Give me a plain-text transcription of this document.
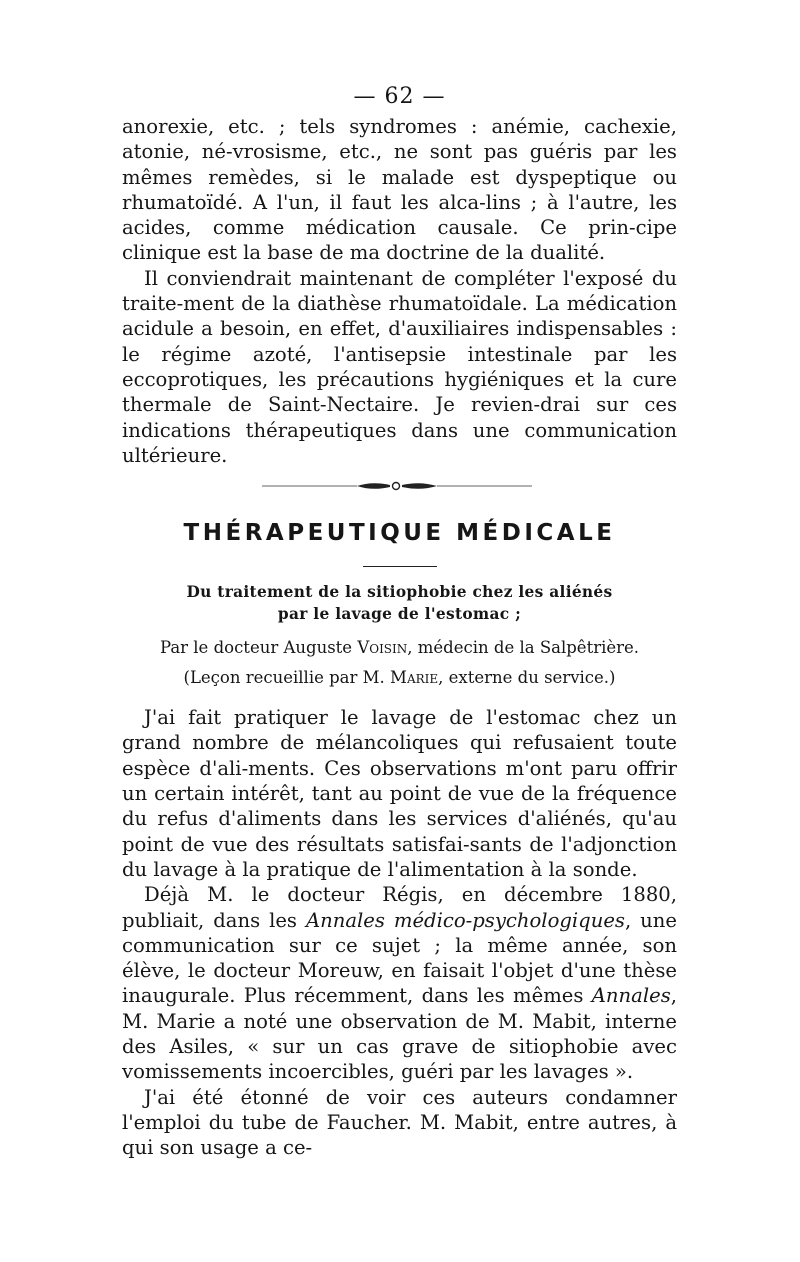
— 62 —

anorexie, etc. ; tels syndromes : anémie, cachexie, atonie, né-vrosisme, etc., ne sont pas guéris par les mêmes remèdes, si le malade est dyspeptique ou rhumatoïdé. A l'un, il faut les alca-lins ; à l'autre, les acides, comme médication causale. Ce prin-cipe clinique est la base de ma doctrine de la dualité.

Il conviendrait maintenant de compléter l'exposé du traite-ment de la diathèse rhumatoïdale. La médication acidule a besoin, en effet, d'auxiliaires indispensables : le régime azoté, l'antisepsie intestinale par les eccoprotiques, les précautions hygiéniques et la cure thermale de Saint-Nectaire. Je revien-drai sur ces indications thérapeutiques dans une communication ultérieure.

THÉRAPEUTIQUE MÉDICALE

Du traitement de la sitiophobie chez les aliénés

par le lavage de l'estomac ;

Par le docteur Auguste Voisin, médecin de la Salpêtrière.

(Leçon recueillie par M. Marie, externe du service.)

J'ai fait pratiquer le lavage de l'estomac chez un grand nombre de mélancoliques qui refusaient toute espèce d'ali-ments. Ces observations m'ont paru offrir un certain intérêt, tant au point de vue de la fréquence du refus d'aliments dans les services d'aliénés, qu'au point de vue des résultats satisfai-sants de l'adjonction du lavage à la pratique de l'alimentation à la sonde.

Déjà M. le docteur Régis, en décembre 1880, publiait, dans les Annales médico-psychologiques, une communication sur ce sujet ; la même année, son élève, le docteur Moreuw, en faisait l'objet d'une thèse inaugurale. Plus récemment, dans les mêmes Annales, M. Marie a noté une observation de M. Mabit, interne des Asiles, « sur un cas grave de sitiophobie avec vomissements incoercibles, guéri par les lavages ».

J'ai été étonné de voir ces auteurs condamner l'emploi du tube de Faucher. M. Mabit, entre autres, à qui son usage a ce-
